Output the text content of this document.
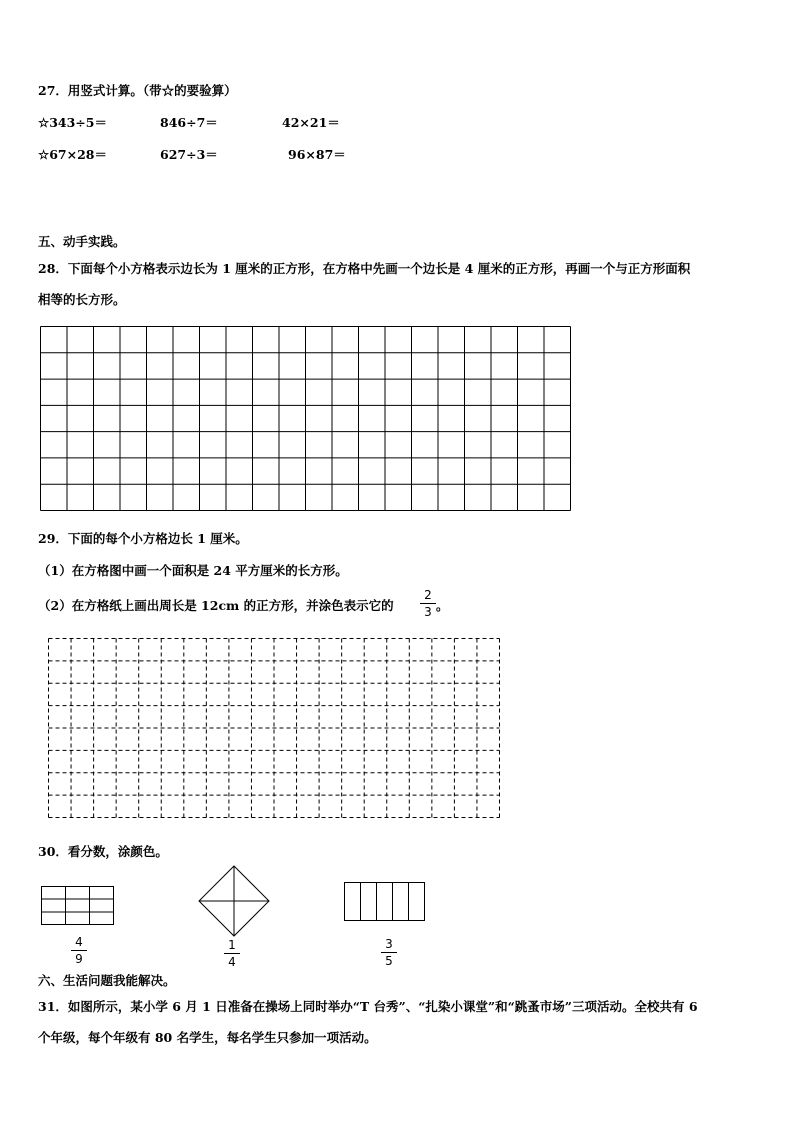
27．用竖式计算。（带☆的要验算）
☆343÷5＝	846÷7＝	42×21＝
☆67×28＝	627÷3＝	96×87＝
五、动手实践。
28．下面每个小方格表示边长为 1 厘米的正方形，在方格中先画一个边长是 4 厘米的正方形，再画一个与正方形面积
相等的长方形。
29．下面的每个小方格边长 1 厘米。
（1）在方格图中画一个面积是 24 平方厘米的长方形。
（2）在方格纸上画出周长是 12cm 的正方形，并涂色表示它的
2
3 。
30．看分数，涂颜色。
4
9
1
4
3
5
六、生活问题我能解决。
31．如图所示，某小学 6 月 1 日准备在操场上同时举办“T 台秀”、“扎染小课堂”和“跳蚤市场”三项活动。全校共有 6
个年级，每个年级有 80 名学生，每名学生只参加一项活动。
